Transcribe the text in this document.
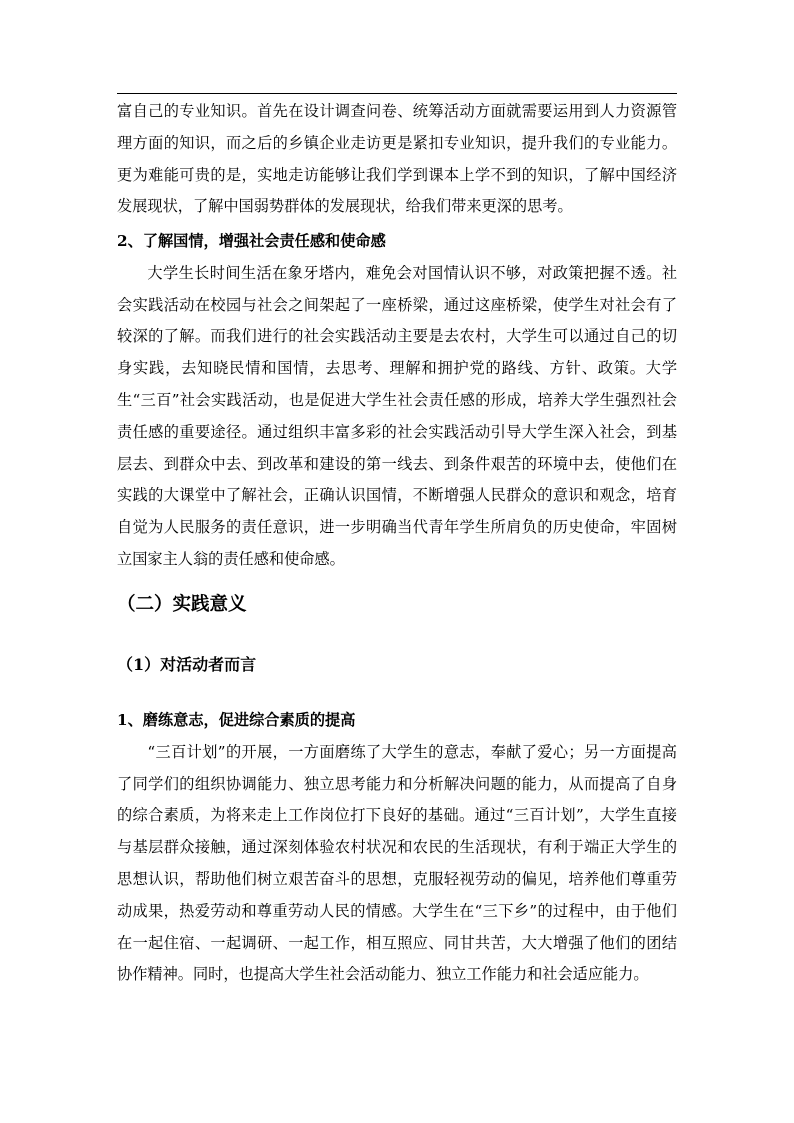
富自己的专业知识。首先在设计调查问卷、统筹活动方面就需要运用到人力资源管理方面的知识，而之后的乡镇企业走访更是紧扣专业知识，提升我们的专业能力。更为难能可贵的是，实地走访能够让我们学到课本上学不到的知识，了解中国经济发展现状，了解中国弱势群体的发展现状，给我们带来更深的思考。

2、了解国情，增强社会责任感和使命感

大学生长时间生活在象牙塔内，难免会对国情认识不够，对政策把握不透。社会实践活动在校园与社会之间架起了一座桥梁，通过这座桥梁，使学生对社会有了较深的了解。而我们进行的社会实践活动主要是去农村，大学生可以通过自己的切身实践，去知晓民情和国情，去思考、理解和拥护党的路线、方针、政策。大学生“三百”社会实践活动，也是促进大学生社会责任感的形成，培养大学生强烈社会责任感的重要途径。通过组织丰富多彩的社会实践活动引导大学生深入社会，到基层去、到群众中去、到改革和建设的第一线去、到条件艰苦的环境中去，使他们在实践的大课堂中了解社会，正确认识国情，不断增强人民群众的意识和观念，培育自觉为人民服务的责任意识，进一步明确当代青年学生所肩负的历史使命，牢固树立国家主人翁的责任感和使命感。

（二）实践意义

（1）对活动者而言

1、磨练意志，促进综合素质的提高

“三百计划”的开展，一方面磨练了大学生的意志，奉献了爱心；另一方面提高了同学们的组织协调能力、独立思考能力和分析解决问题的能力，从而提高了自身的综合素质，为将来走上工作岗位打下良好的基础。通过“三百计划”，大学生直接与基层群众接触，通过深刻体验农村状况和农民的生活现状，有利于端正大学生的思想认识，帮助他们树立艰苦奋斗的思想，克服轻视劳动的偏见，培养他们尊重劳动成果，热爱劳动和尊重劳动人民的情感。大学生在“三下乡”的过程中，由于他们在一起住宿、一起调研、一起工作，相互照应、同甘共苦，大大增强了他们的团结协作精神。同时，也提高大学生社会活动能力、独立工作能力和社会适应能力。
